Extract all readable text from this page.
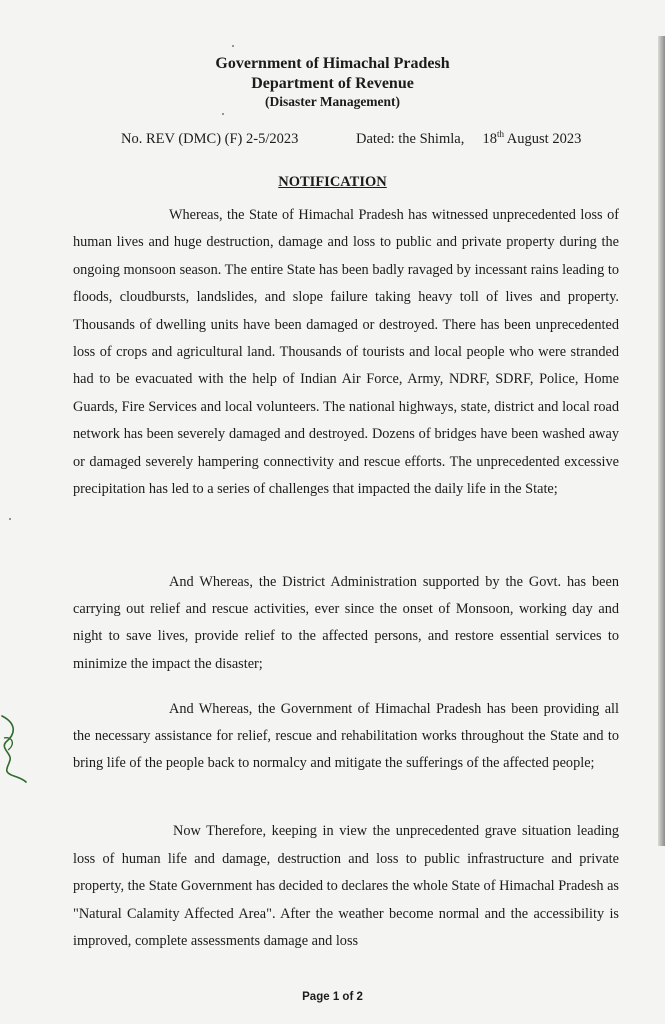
Government of Himachal Pradesh
Department of Revenue
(Disaster Management)
No. REV (DMC) (F) 2-5/2023	Dated: the Shimla, 18th August 2023
NOTIFICATION

Whereas, the State of Himachal Pradesh has witnessed unprecedented loss of human lives and huge destruction, damage and loss to public and private property during the ongoing monsoon season. The entire State has been badly ravaged by incessant rains leading to floods, cloudbursts, landslides, and slope failure taking heavy toll of lives and property. Thousands of dwelling units have been damaged or destroyed. There has been unprecedented loss of crops and agricultural land. Thousands of tourists and local people who were stranded had to be evacuated with the help of Indian Air Force, Army, NDRF, SDRF, Police, Home Guards, Fire Services and local volunteers. The national highways, state, district and local road network has been severely damaged and destroyed. Dozens of bridges have been washed away or damaged severely hampering connectivity and rescue efforts. The unprecedented excessive precipitation has led to a series of challenges that impacted the daily life in the State;

And Whereas, the District Administration supported by the Govt. has been carrying out relief and rescue activities, ever since the onset of Monsoon, working day and night to save lives, provide relief to the affected persons, and restore essential services to minimize the impact the disaster;

And Whereas, the Government of Himachal Pradesh has been providing all the necessary assistance for relief, rescue and rehabilitation works throughout the State and to bring life of the people back to normalcy and mitigate the sufferings of the affected people;

Now Therefore, keeping in view the unprecedented grave situation leading loss of human life and damage, destruction and loss to public infrastructure and private property, the State Government has decided to declares the whole State of Himachal Pradesh as "Natural Calamity Affected Area". After the weather become normal and the accessibility is improved, complete assessments damage and loss

Page 1 of 2
